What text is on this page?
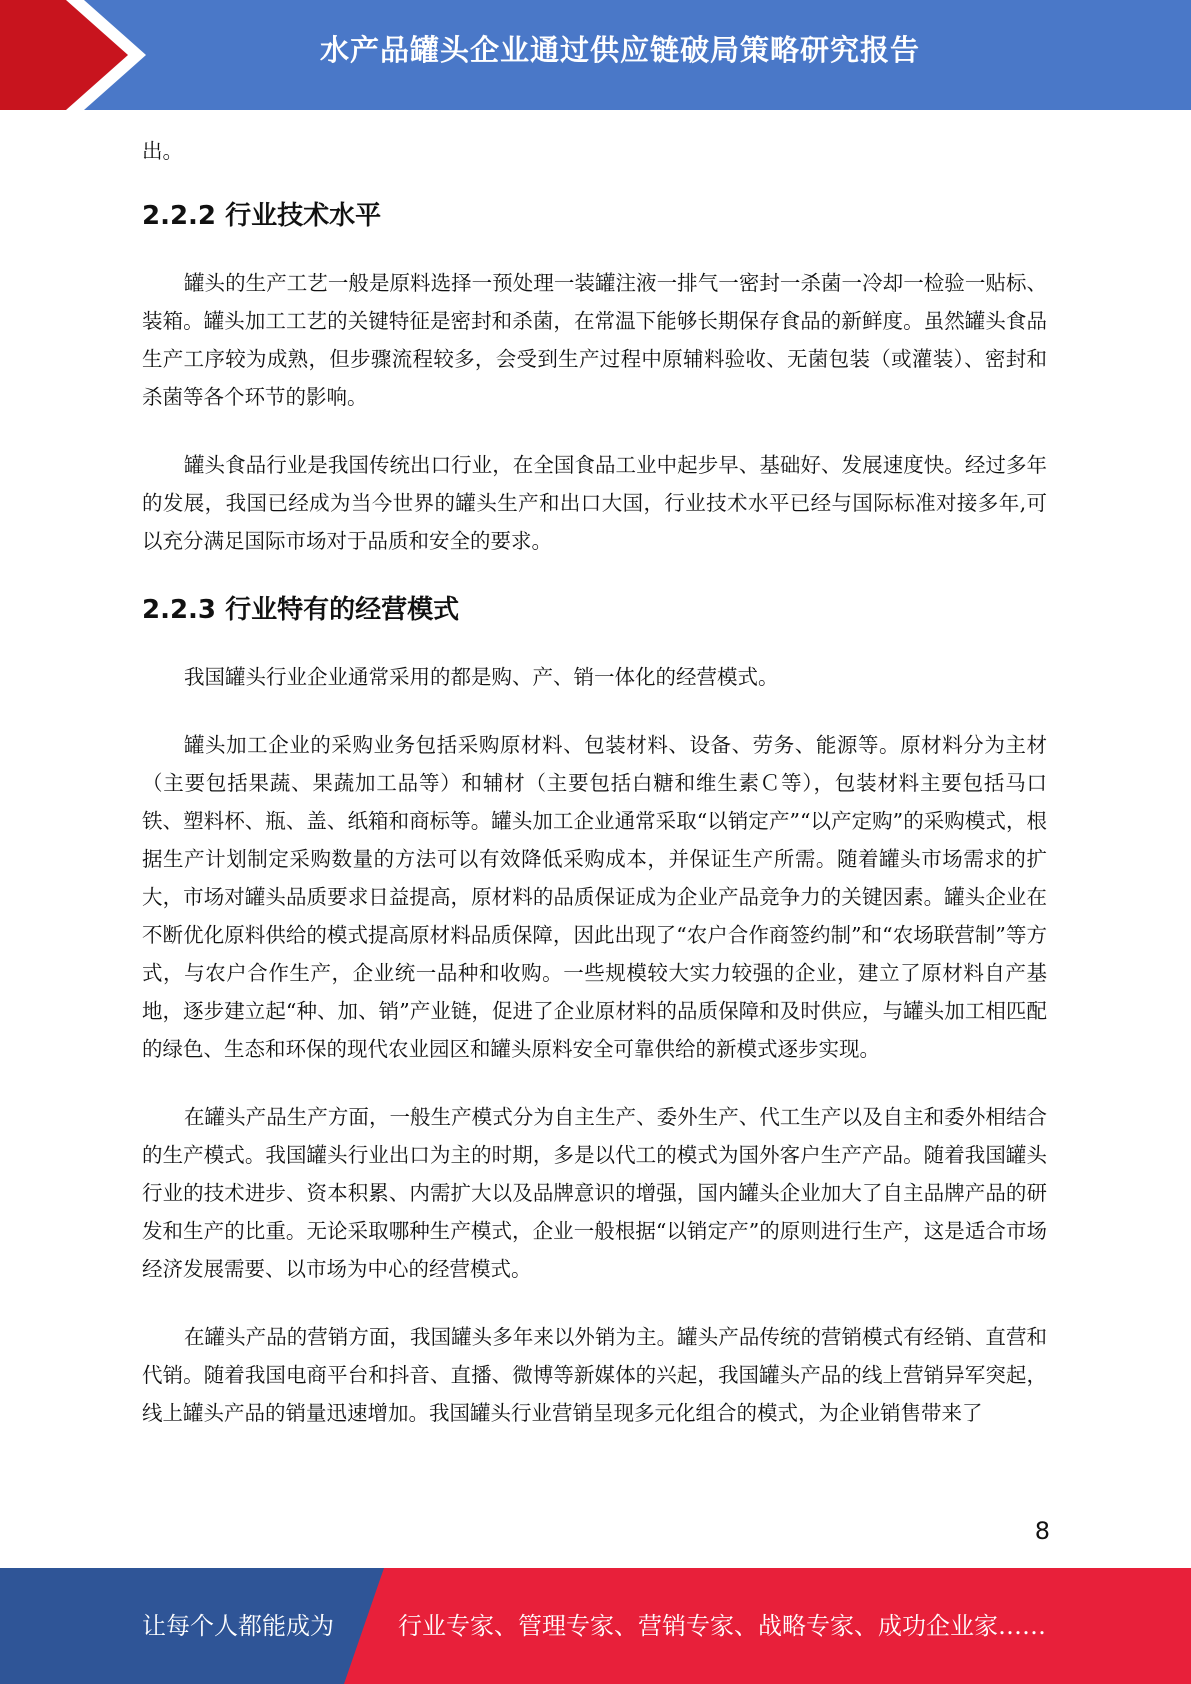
水产品罐头企业通过供应链破局策略研究报告

出。

2.2.2 行业技术水平

罐头的生产工艺一般是原料选择一预处理一装罐注液一排气一密封一杀菌一冷却一检验一贴标、装箱。罐头加工工艺的关键特征是密封和杀菌，在常温下能够长期保存食品的新鲜度。虽然罐头食品生产工序较为成熟，但步骤流程较多，会受到生产过程中原辅料验收、无菌包装（或灌装）、密封和杀菌等各个环节的影响。

罐头食品行业是我国传统出口行业，在全国食品工业中起步早、基础好、发展速度快。经过多年的发展，我国已经成为当今世界的罐头生产和出口大国，行业技术水平已经与国际标准对接多年,可以充分满足国际市场对于品质和安全的要求。

2.2.3 行业特有的经营模式

我国罐头行业企业通常采用的都是购、产、销一体化的经营模式。

罐头加工企业的采购业务包括采购原材料、包装材料、设备、劳务、能源等。原材料分为主材（主要包括果蔬、果蔬加工品等）和辅材（主要包括白糖和维生素Ｃ等），包装材料主要包括马口铁、塑料杯、瓶、盖、纸箱和商标等。罐头加工企业通常采取“以销定产”“以产定购”的采购模式，根据生产计划制定采购数量的方法可以有效降低采购成本，并保证生产所需。随着罐头市场需求的扩大，市场对罐头品质要求日益提高，原材料的品质保证成为企业产品竞争力的关键因素。罐头企业在不断优化原料供给的模式提高原材料品质保障，因此出现了“农户合作商签约制”和“农场联营制”等方式，与农户合作生产，企业统一品种和收购。一些规模较大实力较强的企业，建立了原材料自产基地，逐步建立起“种、加、销”产业链，促进了企业原材料的品质保障和及时供应，与罐头加工相匹配的绿色、生态和环保的现代农业园区和罐头原料安全可靠供给的新模式逐步实现。

在罐头产品生产方面，一般生产模式分为自主生产、委外生产、代工生产以及自主和委外相结合的生产模式。我国罐头行业出口为主的时期，多是以代工的模式为国外客户生产产品。随着我国罐头行业的技术进步、资本积累、内需扩大以及品牌意识的增强，国内罐头企业加大了自主品牌产品的研发和生产的比重。无论采取哪种生产模式，企业一般根据“以销定产”的原则进行生产，这是适合市场经济发展需要、以市场为中心的经营模式。

在罐头产品的营销方面，我国罐头多年来以外销为主。罐头产品传统的营销模式有经销、直营和代销。随着我国电商平台和抖音、直播、微博等新媒体的兴起，我国罐头产品的线上营销异军突起，线上罐头产品的销量迅速增加。我国罐头行业营销呈现多元化组合的模式，为企业销售带来了

8
让每个人都能成为	行业专家、管理专家、营销专家、战略专家、成功企业家……
